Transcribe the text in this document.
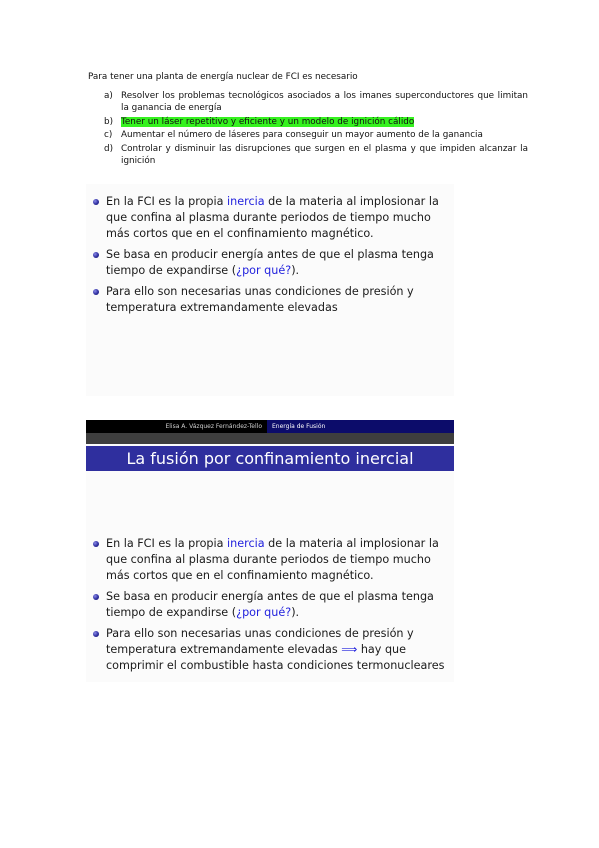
Para tener una planta de energía nuclear de FCI es necesario

a) Resolver los problemas tecnológicos asociados a los imanes superconductores que limitan la ganancia de energía
b) Tener un láser repetitivo y eficiente y un modelo de ignición cálido
c) Aumentar el número de láseres para conseguir un mayor aumento de la ganancia
d) Controlar y disminuir las disrupciones que surgen en el plasma y que impiden alcanzar la ignición
En la FCI es la propia inercia de la materia al implosionar la que confina al plasma durante periodos de tiempo mucho más cortos que en el confinamiento magnético.
Se basa en producir energía antes de que el plasma tenga tiempo de expandirse (¿por qué?).
Para ello son necesarias unas condiciones de presión y temperatura extremandamente elevadas
Elisa A. Vázquez Fernández-Tello	Energía de Fusión
La fusión por confinamiento inercial
En la FCI es la propia inercia de la materia al implosionar la que confina al plasma durante periodos de tiempo mucho más cortos que en el confinamiento magnético.
Se basa en producir energía antes de que el plasma tenga tiempo de expandirse (¿por qué?).
Para ello son necesarias unas condiciones de presión y temperatura extremandamente elevadas ⟹ hay que comprimir el combustible hasta condiciones termonucleares
